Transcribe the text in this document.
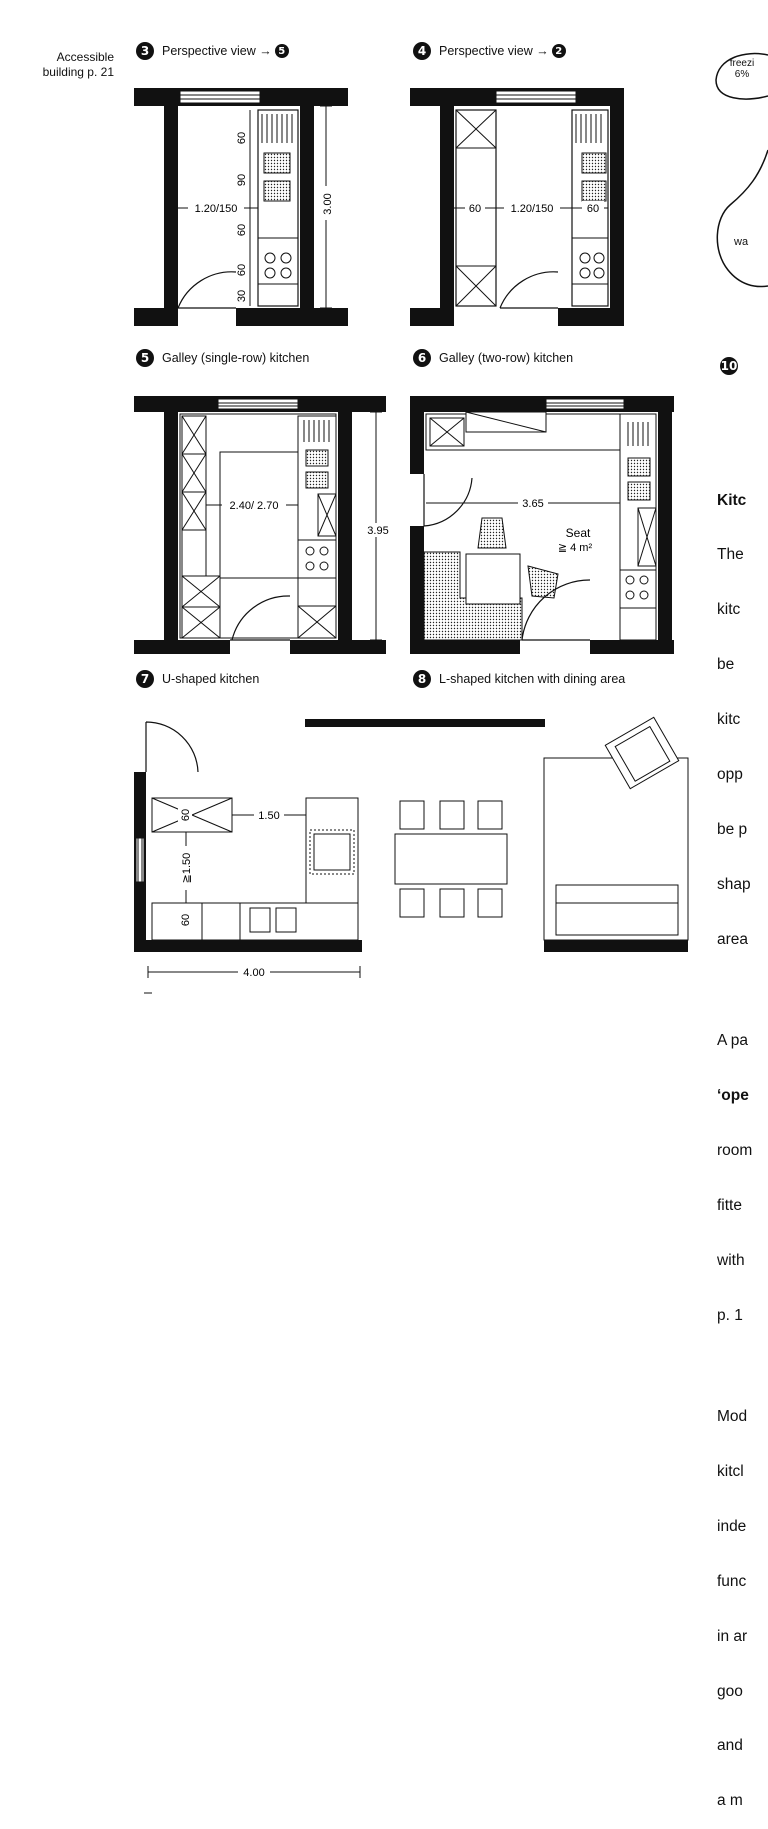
Accessible building p. 21
3	Perspective view → 5	4	Perspective view → 2
5	Galley (single-row) kitchen	6	Galley (two-row) kitchen
7	U-shaped kitchen	8	L-shaped kitchen with dining area
10
freezi
6%
wa

Kitc

The

kitc

be

kitc

opp

be p

shap

area

A pa

‘ope

room

fitte

with

p. 1

Mod

kitcl

inde

func

in ar

goo

and

a m

60
90
60
60
30
1.20/150	3.00	60	1.20/150	60
2.40/ 2.70
3.95
3.65
Seat
≧ 4 m²
60	1.50
≧1.50
60
4.00
